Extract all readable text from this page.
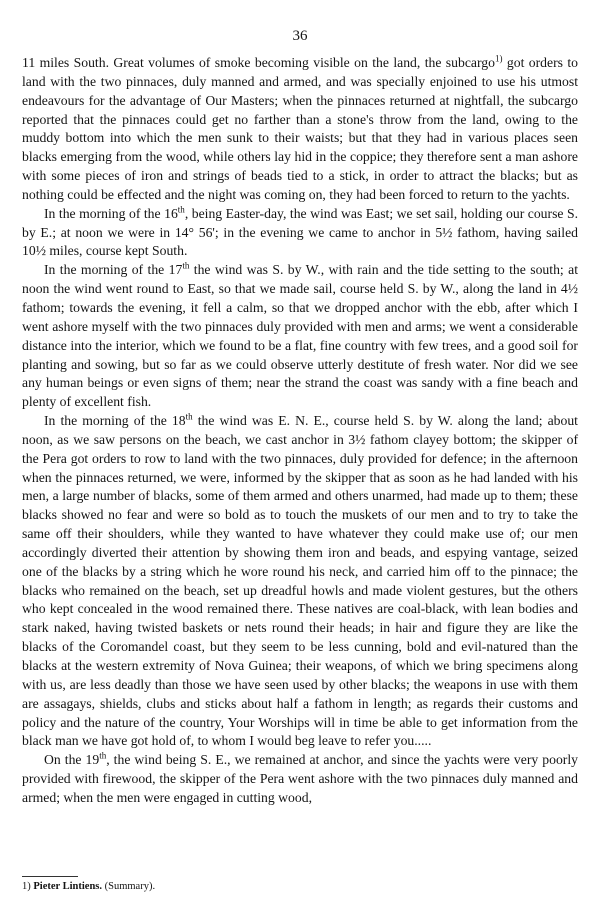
36

11 miles South. Great volumes of smoke becoming visible on the land, the subcargo$^{1)}$ got orders to land with the two pinnaces, duly manned and armed, and was specially enjoined to use his utmost endeavours for the advantage of Our Masters; when the pinnaces returned at nightfall, the subcargo reported that the pinnaces could get no farther than a stone's throw from the land, owing to the muddy bottom into which the men sunk to their waists; but that they had in various places seen blacks emerging from the wood, while others lay hid in the coppice; they therefore sent a man ashore with some pieces of iron and strings of beads tied to a stick, in order to attract the blacks; but as nothing could be effected and the night was coming on, they had been forced to return to the yachts.

In the morning of the 16th, being Easter-day, the wind was East; we set sail, holding our course S. by E.; at noon we were in 14° 56'; in the evening we came to anchor in 5½ fathom, having sailed 10½ miles, course kept South.

In the morning of the 17th the wind was S. by W., with rain and the tide setting to the south; at noon the wind went round to East, so that we made sail, course held S. by W., along the land in 4½ fathom; towards the evening, it fell a calm, so that we dropped anchor with the ebb, after which I went ashore myself with the two pinnaces duly provided with men and arms; we went a considerable distance into the interior, which we found to be a flat, fine country with few trees, and a good soil for planting and sowing, but so far as we could observe utterly destitute of fresh water. Nor did we see any human beings or even signs of them; near the strand the coast was sandy with a fine beach and plenty of excellent fish.

In the morning of the 18th the wind was E. N. E., course held S. by W. along the land; about noon, as we saw persons on the beach, we cast anchor in 3½ fathom clayey bottom; the skipper of the Pera got orders to row to land with the two pinnaces, duly provided for defence; in the afternoon when the pinnaces returned, we were, informed by the skipper that as soon as he had landed with his men, a large number of blacks, some of them armed and others unarmed, had made up to them; these blacks showed no fear and were so bold as to touch the muskets of our men and to try to take the same off their shoulders, while they wanted to have whatever they could make use of; our men accordingly diverted their attention by showing them iron and beads, and espying vantage, seized one of the blacks by a string which he wore round his neck, and carried him off to the pinnace; the blacks who remained on the beach, set up dreadful howls and made violent gestures, but the others who kept concealed in the wood remained there. These natives are coal-black, with lean bodies and stark naked, having twisted baskets or nets round their heads; in hair and figure they are like the blacks of the Coromandel coast, but they seem to be less cunning, bold and evil-natured than the blacks at the western extremity of Nova Guinea; their weapons, of which we bring specimens along with us, are less deadly than those we have seen used by other blacks; the weapons in use with them are assagays, shields, clubs and sticks about half a fathom in length; as regards their customs and policy and the nature of the country, Your Worships will in time be able to get information from the black man we have got hold of, to whom I would beg leave to refer you.....

On the 19th, the wind being S. E., we remained at anchor, and since the yachts were very poorly provided with firewood, the skipper of the Pera went ashore with the two pinnaces duly manned and armed; when the men were engaged in cutting wood,

1) Pieter Lintiens. (Summary).
